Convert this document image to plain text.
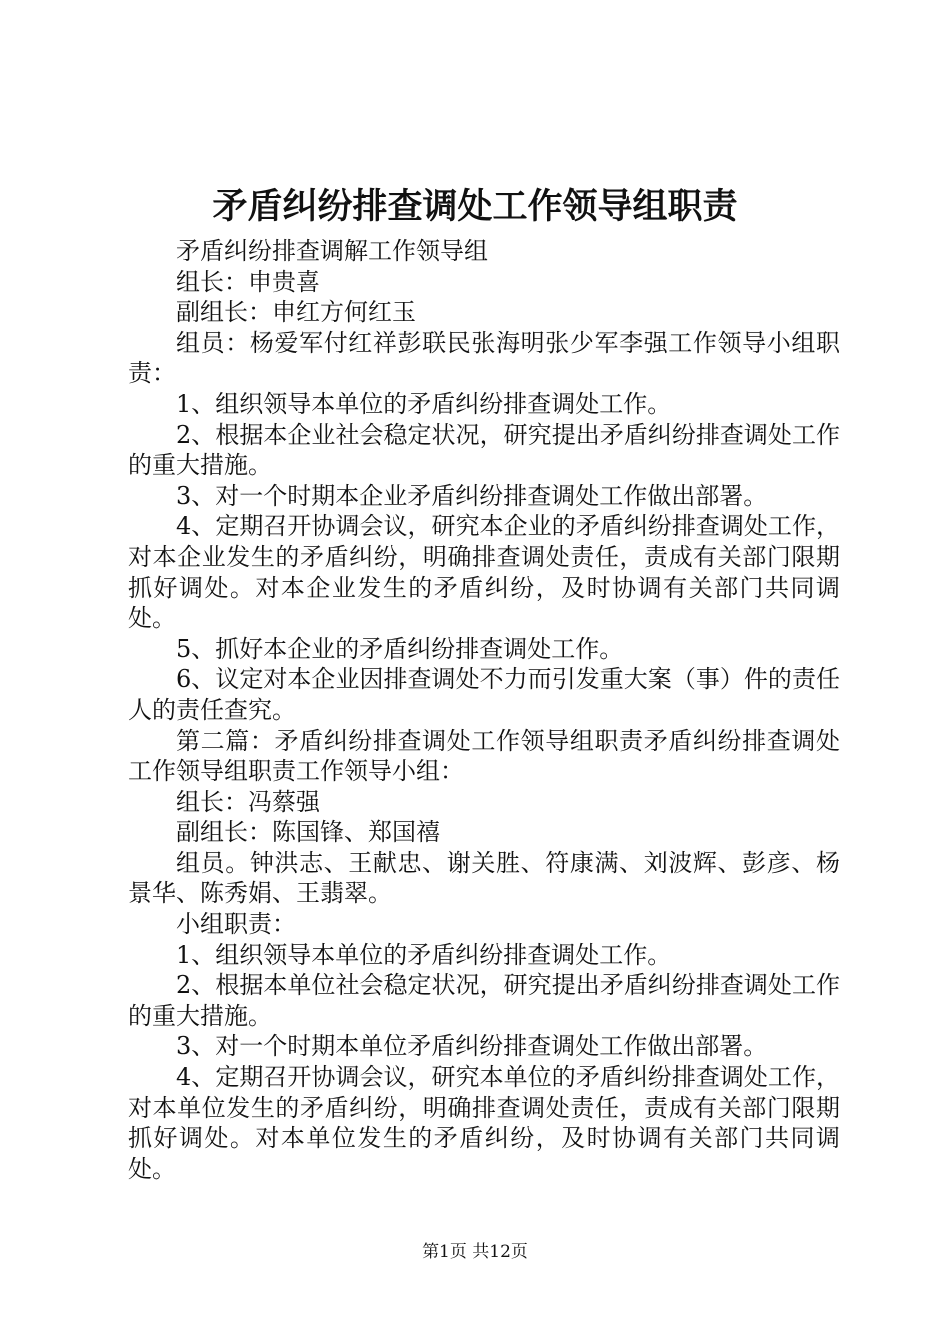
矛盾纠纷排查调处工作领导组职责

矛盾纠纷排查调解工作领导组

组长：申贵喜

副组长：申红方何红玉

组员：杨爱军付红祥彭联民张海明张少军李强工作领导小组职责：

1、组织领导本单位的矛盾纠纷排查调处工作。

2、根据本企业社会稳定状况，研究提出矛盾纠纷排查调处工作的重大措施。

3、对一个时期本企业矛盾纠纷排查调处工作做出部署。

4、定期召开协调会议，研究本企业的矛盾纠纷排查调处工作，对本企业发生的矛盾纠纷，明确排查调处责任，责成有关部门限期抓好调处。对本企业发生的矛盾纠纷，及时协调有关部门共同调处。

5、抓好本企业的矛盾纠纷排查调处工作。

6、议定对本企业因排查调处不力而引发重大案（事）件的责任人的责任查究。

第二篇：矛盾纠纷排查调处工作领导组职责矛盾纠纷排查调处工作领导组职责工作领导小组：

组长：冯蔡强

副组长：陈国锋、郑国禧

组员。钟洪志、王献忠、谢关胜、符康满、刘波辉、彭彦、杨景华、陈秀娟、王翡翠。

小组职责：

1、组织领导本单位的矛盾纠纷排查调处工作。

2、根据本单位社会稳定状况，研究提出矛盾纠纷排查调处工作的重大措施。

3、对一个时期本单位矛盾纠纷排查调处工作做出部署。

4、定期召开协调会议，研究本单位的矛盾纠纷排查调处工作，对本单位发生的矛盾纠纷，明确排查调处责任，责成有关部门限期抓好调处。对本单位发生的矛盾纠纷，及时协调有关部门共同调处。

第1页 共12页
